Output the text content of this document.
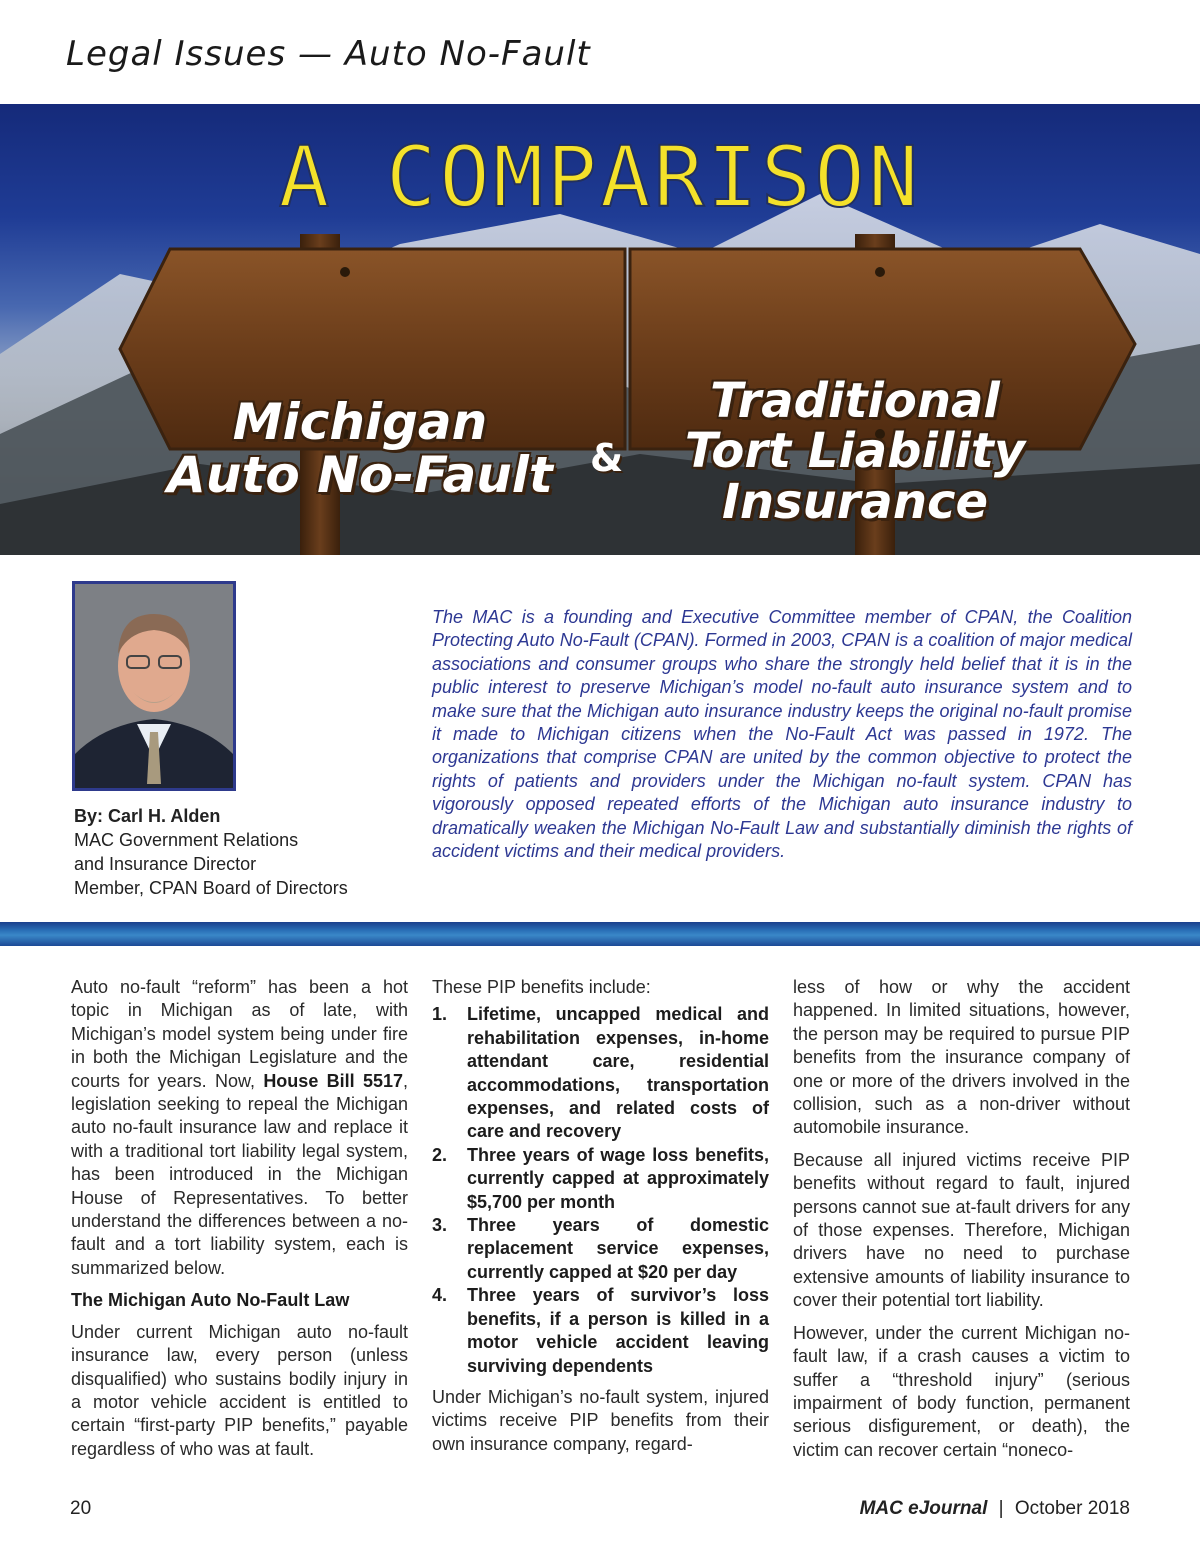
Legal Issues — Auto No-Fault
A COMPARISON
Michigan
Auto No-Fault &
Traditional
Tort Liability
Insurance
By: Carl H. Alden
MAC Government Relations
and Insurance Director
Member, CPAN Board of Directors
The MAC is a founding and Executive Committee member of CPAN, the Coalition Protecting Auto No-Fault (CPAN). Formed in 2003, CPAN is a coalition of major medical associations and consumer groups who share the strongly held belief that it is in the public interest to preserve Michigan’s model no-fault auto insurance system and to make sure that the Michigan auto insurance industry keeps the original no-fault promise it made to Michigan citizens when the No-Fault Act was passed in 1972. The organizations that comprise CPAN are united by the common objective to protect the rights of patients and providers under the Michigan no-fault system. CPAN has vigorously opposed repeated efforts of the Michigan auto insurance industry to dramatically weaken the Michigan No-Fault Law and substantially diminish the rights of accident victims and their medical providers.

Auto no-fault “reform” has been a hot topic in Michigan as of late, with Michigan’s model system being under fire in both the Michigan Legislature and the courts for years. Now, House Bill 5517, legislation seeking to repeal the Michigan auto no-fault insurance law and replace it with a traditional tort liability legal system, has been introduced in the Michigan House of Representatives. To better understand the differences between a no-fault and a tort liability system, each is summarized below.

The Michigan Auto No-Fault Law

Under current Michigan auto no-fault insurance law, every person (unless disqualified) who sustains bodily injury in a motor vehicle accident is entitled to certain “first-party PIP benefits,” payable regardless of who was at fault.

These PIP benefits include:

1.	Lifetime, uncapped medical and rehabilitation expenses, in-home attendant care, residential accommodations, transportation expenses, and related costs of care and recovery
2.	Three years of wage loss benefits, currently capped at approximately $5,700 per month
3.	Three years of domestic replacement service expenses, currently capped at $20 per day
4.	Three years of survivor’s loss benefits, if a person is killed in a motor vehicle accident leaving surviving dependents

Under Michigan’s no-fault system, injured victims receive PIP benefits from their own insurance company, regard-

less of how or why the accident happened. In limited situations, however, the person may be required to pursue PIP benefits from the insurance company of one or more of the drivers involved in the collision, such as a non-driver without automobile insurance.

Because all injured victims receive PIP benefits without regard to fault, injured persons cannot sue at-fault drivers for any of those expenses. Therefore, Michigan drivers have no need to purchase extensive amounts of liability insurance to cover their potential tort liability.

However, under the current Michigan no-fault law, if a crash causes a victim to suffer a “threshold injury” (serious impairment of body function, permanent serious disfigurement, or death), the victim can recover certain “noneco-

20	MAC eJournal | October 2018
